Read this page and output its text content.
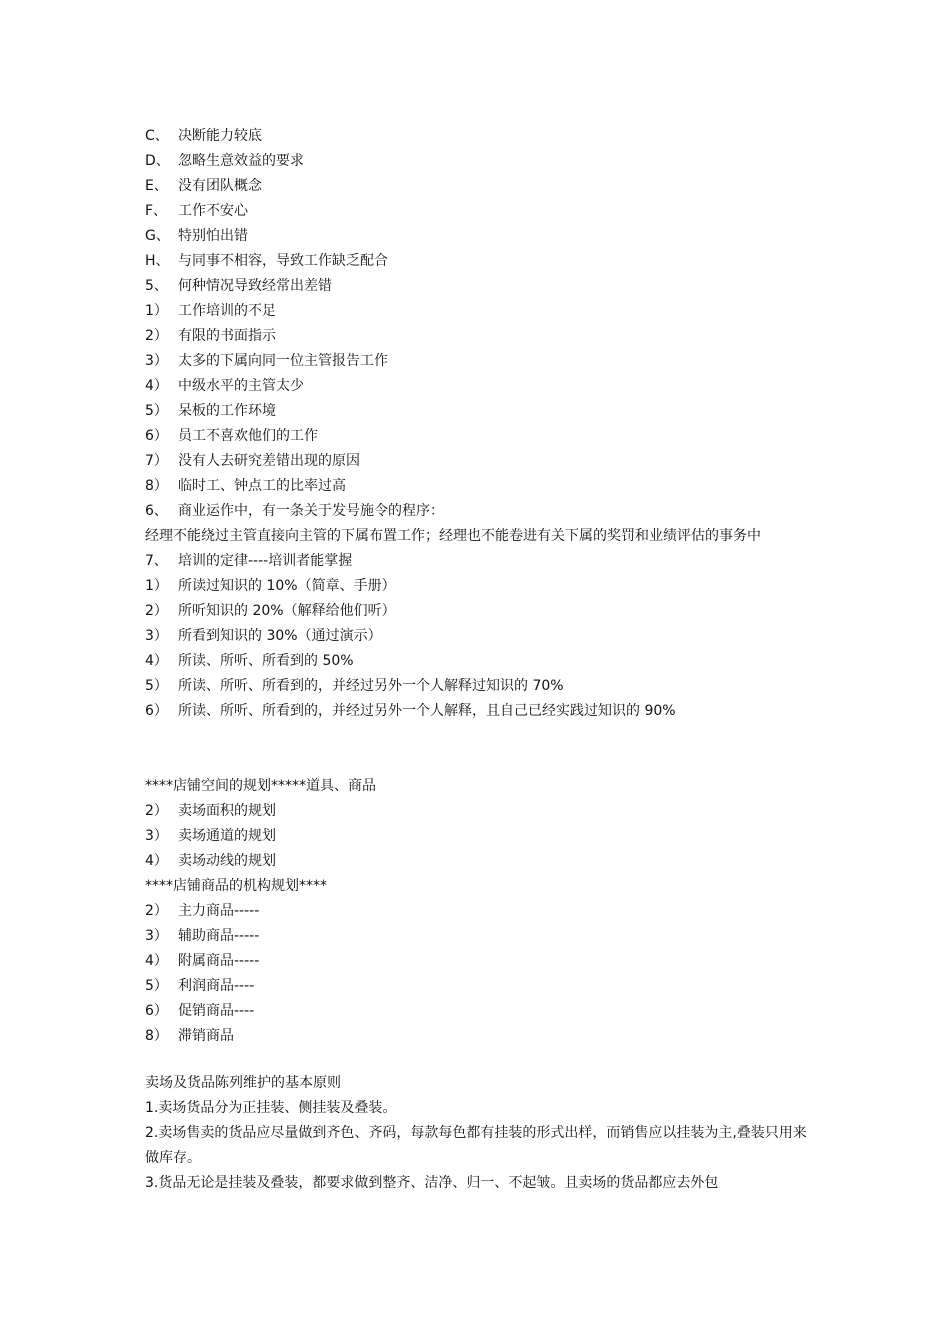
C、 决断能力较底
D、 忽略生意效益的要求
E、 没有团队概念
F、 工作不安心
G、 特别怕出错
H、 与同事不相容，导致工作缺乏配合
5、 何种情况导致经常出差错
1） 工作培训的不足
2） 有限的书面指示
3） 太多的下属向同一位主管报告工作
4） 中级水平的主管太少
5） 呆板的工作环境
6） 员工不喜欢他们的工作
7） 没有人去研究差错出现的原因
8） 临时工、钟点工的比率过高
6、 商业运作中，有一条关于发号施令的程序：
经理不能绕过主管直接向主管的下属布置工作；经理也不能卷进有关下属的奖罚和业绩评估的事务中
7、 培训的定律----培训者能掌握
1） 所读过知识的 10%（简章、手册）
2） 所听知识的 20%（解释给他们听）
3） 所看到知识的 30%（通过演示）
4） 所读、所听、所看到的 50%
5） 所读、所听、所看到的，并经过另外一个人解释过知识的 70%
6） 所读、所听、所看到的，并经过另外一个人解释，且自己已经实践过知识的 90%
****店铺空间的规划*****道具、商品
2） 卖场面积的规划
3） 卖场通道的规划
4） 卖场动线的规划
****店铺商品的机构规划****
2） 主力商品-----
3） 辅助商品-----
4） 附属商品-----
5） 利润商品----
6） 促销商品----
8） 滞销商品
卖场及货品陈列维护的基本原则
1.卖场货品分为正挂装、侧挂装及叠装。
2.卖场售卖的货品应尽量做到齐色、齐码，每款每色都有挂装的形式出样，而销售应以挂装为主,叠装只用来做库存。
3.货品无论是挂装及叠装，都要求做到整齐、洁净、归一、不起皱。且卖场的货品都应去外包
